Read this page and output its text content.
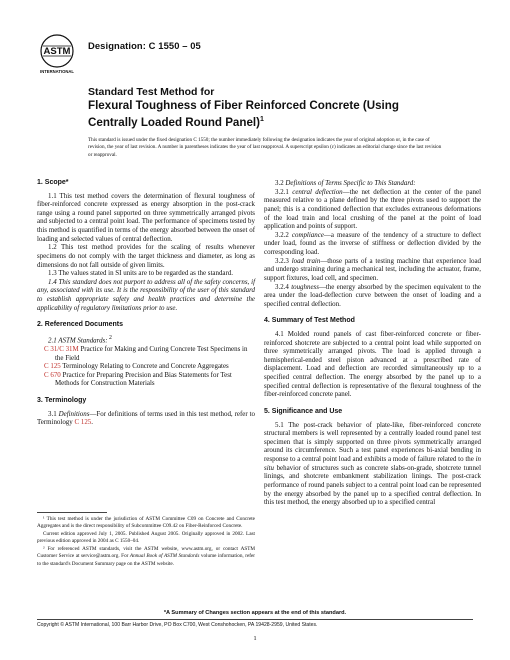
ASTM
INTERNATIONAL
Designation: C 1550 – 05
Standard Test Method for
Flexural Toughness of Fiber Reinforced Concrete (Using
Centrally Loaded Round Panel)$^1$
This standard is issued under the fixed designation C 1550; the number immediately following the designation indicates the year of original adoption or, in the case of revision, the year of last revision. A number in parentheses indicates the year of last reapproval. A superscript epsilon (ε) indicates an editorial change since the last revision or reapproval.

1. Scope*

1.1 This test method covers the determination of flexural toughness of fiber-reinforced concrete expressed as energy absorption in the post-crack range using a round panel supported on three symmetrically arranged pivots and subjected to a central point load. The performance of specimens tested by this method is quantified in terms of the energy absorbed between the onset of loading and selected values of central deflection.

1.2 This test method provides for the scaling of results whenever specimens do not comply with the target thickness and diameter, as long as dimensions do not fall outside of given limits.

1.3 The values stated in SI units are to be regarded as the standard.

1.4 This standard does not purport to address all of the safety concerns, if any, associated with its use. It is the responsibility of the user of this standard to establish appropriate safety and health practices and determine the applicability of regulatory limitations prior to use.

2. Referenced Documents

2.1 ASTM Standards: $^2$

C 31/C 31M Practice for Making and Curing Concrete Test Specimens in the Field

C 125 Terminology Relating to Concrete and Concrete Aggregates

C 670 Practice for Preparing Precision and Bias Statements for Test Methods for Construction Materials

3. Terminology

3.1 Definitions—For definitions of terms used in this test method, refer to Terminology C 125.

¹ This test method is under the jurisdiction of ASTM Committee C09 on Concrete and Concrete Aggregates and is the direct responsibility of Subcommittee C09.42 on Fiber-Reinforced Concrete.

Current edition approved July 1, 2005. Published August 2005. Originally approved in 2002. Last previous edition approved in 2004 as C 1550–04.

² For referenced ASTM standards, visit the ASTM website, www.astm.org, or contact ASTM Customer Service at service@astm.org. For Annual Book of ASTM Standards volume information, refer to the standard's Document Summary page on the ASTM website.

3.2 Definitions of Terms Specific to This Standard:

3.2.1 central deflection—the net deflection at the center of the panel measured relative to a plane defined by the three pivots used to support the panel; this is a conditioned deflection that excludes extraneous deformations of the load train and local crushing of the panel at the point of load application and points of support.

3.2.2 compliance—a measure of the tendency of a structure to deflect under load, found as the inverse of stiffness or deflection divided by the corresponding load.

3.2.3 load train—those parts of a testing machine that experience load and undergo straining during a mechanical test, including the actuator, frame, support fixtures, load cell, and specimen.

3.2.4 toughness—the energy absorbed by the specimen equivalent to the area under the load-deflection curve between the onset of loading and a specified central deflection.

4. Summary of Test Method

4.1 Molded round panels of cast fiber-reinforced concrete or fiber-reinforced shotcrete are subjected to a central point load while supported on three symmetrically arranged pivots. The load is applied through a hemispherical-ended steel piston advanced at a prescribed rate of displacement. Load and deflection are recorded simultaneously up to a specified central deflection. The energy absorbed by the panel up to a specified central deflection is representative of the flexural toughness of the fiber-reinforced concrete panel.

5. Significance and Use

5.1 The post-crack behavior of plate-like, fiber-reinforced concrete structural members is well represented by a centrally loaded round panel test specimen that is simply supported on three pivots symmetrically arranged around its circumference. Such a test panel experiences bi-axial bending in response to a central point load and exhibits a mode of failure related to the in situ behavior of structures such as concrete slabs-on-grade, shotcrete tunnel linings, and shotcrete embankment stabilization linings. The post-crack performance of round panels subject to a central point load can be represented by the energy absorbed by the panel up to a specified central deflection. In this test method, the energy absorbed up to a specified central

*A Summary of Changes section appears at the end of this standard.
Copyright © ASTM International, 100 Barr Harbor Drive, PO Box C700, West Conshohocken, PA 19428-2959, United States.
1
